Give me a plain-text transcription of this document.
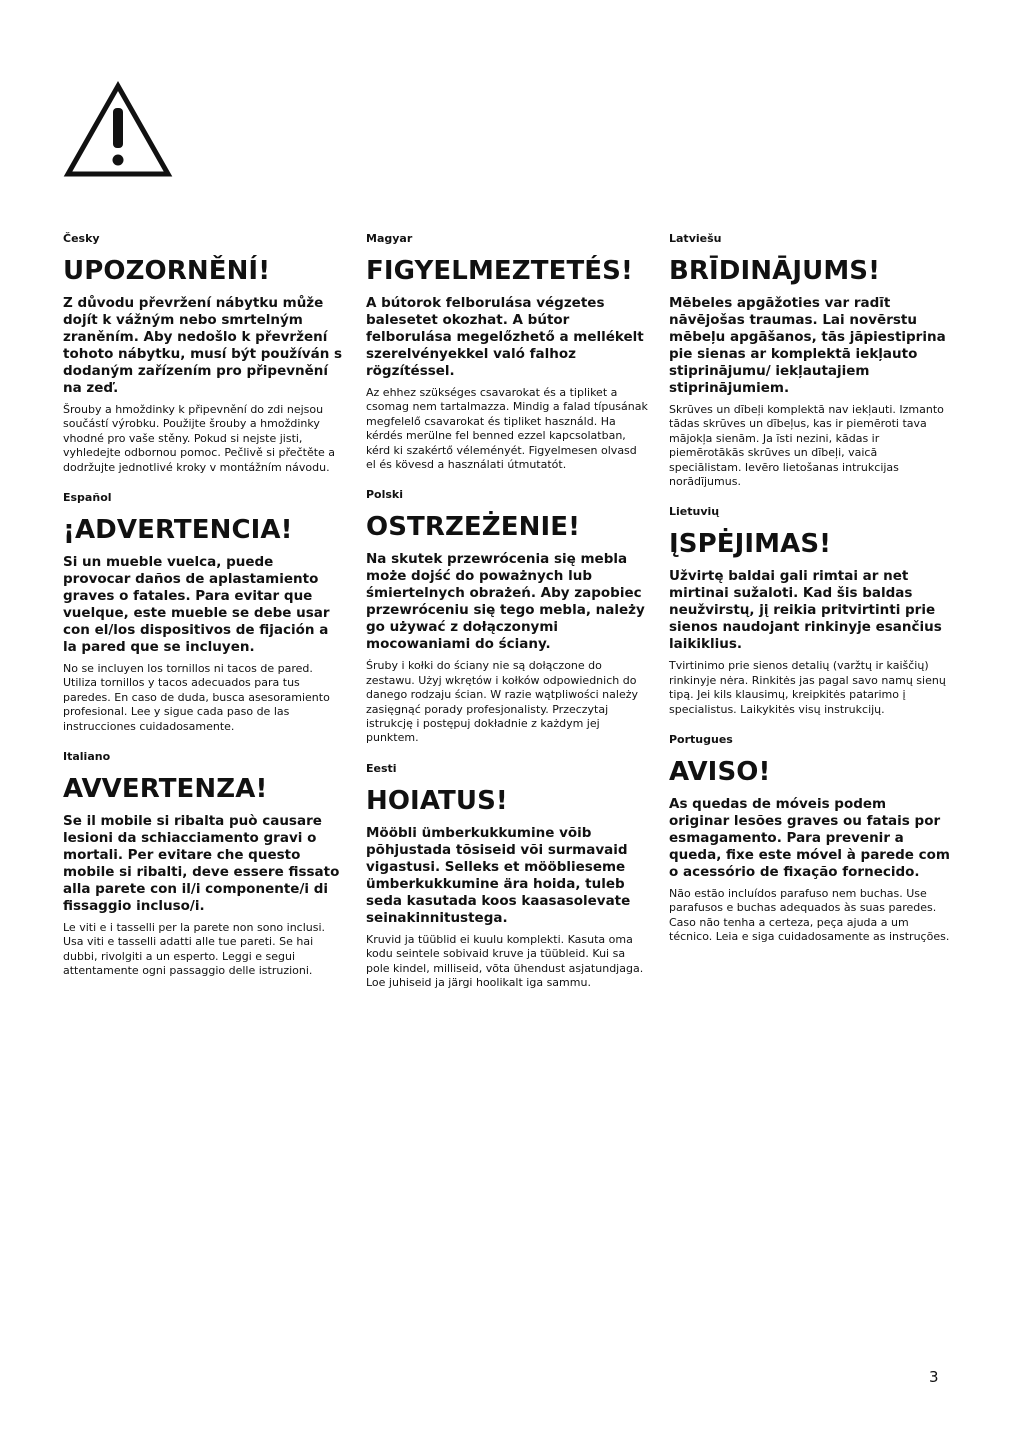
Česky
UPOZORNĚNÍ!
Z důvodu převržení nábytku může dojít k vážným nebo smrtelným zraněním. Aby nedošlo k převržení tohoto nábytku, musí být používán s dodaným zařízením pro připevnění na zeď.

Šrouby a hmoždinky k připevnění do zdi nejsou součástí výrobku. Použijte šrouby a hmoždinky vhodné pro vaše stěny. Pokud si nejste jisti, vyhledejte odbornou pomoc. Pečlivě si přečtěte a dodržujte jednotlivé kroky v montážním návodu.

Español
¡ADVERTENCIA!
Si un mueble vuelca, puede provocar daños de aplastamiento graves o fatales. Para evitar que vuelque, este mueble se debe usar con el/los dispositivos de fijación a la pared que se incluyen.

No se incluyen los tornillos ni tacos de pared. Utiliza tornillos y tacos adecuados para tus paredes. En caso de duda, busca asesoramiento profesional. Lee y sigue cada paso de las instrucciones cuidadosamente.

Italiano
AVVERTENZA!
Se il mobile si ribalta può causare lesioni da schiacciamento gravi o mortali. Per evitare che questo mobile si ribalti, deve essere fissato alla parete con il/i componente/i di fissaggio incluso/i.

Le viti e i tasselli per la parete non sono inclusi. Usa viti e tasselli adatti alle tue pareti. Se hai dubbi, rivolgiti a un esperto. Leggi e segui attentamente ogni passaggio delle istruzioni.

Magyar
FIGYELMEZTETÉS!
A bútorok felborulása végzetes balesetet okozhat. A bútor felborulása megelőzhető a mellékelt szerelvényekkel való falhoz rögzítéssel.

Az ehhez szükséges csavarokat és a tipliket a csomag nem tartalmazza. Mindig a falad típusának megfelelő csavarokat és tipliket használd. Ha kérdés merülne fel benned ezzel kapcsolatban, kérd ki szakértő véleményét. Figyelmesen olvasd el és kövesd a használati útmutatót.

Polski
OSTRZEŻENIE!
Na skutek przewrócenia się mebla może dojść do poważnych lub śmiertelnych obrażeń. Aby zapobiec przewróceniu się tego mebla, należy go używać z dołączonymi mocowaniami do ściany.

Śruby i kołki do ściany nie są dołączone do zestawu. Użyj wkrętów i kołków odpowiednich do danego rodzaju ścian. W razie wątpliwości należy zasięgnąć porady profesjonalisty. Przeczytaj istrukcję i postępuj dokładnie z każdym jej punktem.

Eesti
HOIATUS!
Mööbli ümberkukkumine võib põhjustada tõsiseid või surmavaid vigastusi. Selleks et mööblieseme ümberkukkumine ära hoida, tuleb seda kasutada koos kaasasolevate seinakinnitustega.

Kruvid ja tüüblid ei kuulu komplekti. Kasuta oma kodu seintele sobivaid kruve ja tüübleid. Kui sa pole kindel, milliseid, võta ühendust asjatundjaga. Loe juhiseid ja järgi hoolikalt iga sammu.

Latviešu
BRĪDINĀJUMS!
Mēbeles apgāžoties var radīt nāvējošas traumas. Lai novērstu mēbeļu apgāšanos, tās jāpiestiprina pie sienas ar komplektā iekļauto stiprinājumu/ iekļautajiem stiprinājumiem.

Skrūves un dībeļi komplektā nav iekļauti. Izmanto tādas skrūves un dībeļus, kas ir piemēroti tava mājokļa sienām. Ja īsti nezini, kādas ir piemērotākās skrūves un dībeļi, vaicā speciālistam. Ievēro lietošanas intrukcijas norādījumus.

Lietuvių
ĮSPĖJIMAS!
Užvirtę baldai gali rimtai ar net mirtinai sužaloti. Kad šis baldas neužvirstų, jį reikia pritvirtinti prie sienos naudojant rinkinyje esančius laikiklius.

Tvirtinimo prie sienos detalių (varžtų ir kaiščių) rinkinyje nėra. Rinkitės jas pagal savo namų sienų tipą. Jei kils klausimų, kreipkitės patarimo į specialistus. Laikykitės visų instrukcijų.

Portugues
AVISO!
As quedas de móveis podem originar lesões graves ou fatais por esmagamento. Para prevenir a queda, fixe este móvel à parede com o acessório de fixação fornecido.

Não estão incluídos parafuso nem buchas. Use parafusos e buchas adequados às suas paredes. Caso não tenha a certeza, peça ajuda a um técnico. Leia e siga cuidadosamente as instruções.

3
